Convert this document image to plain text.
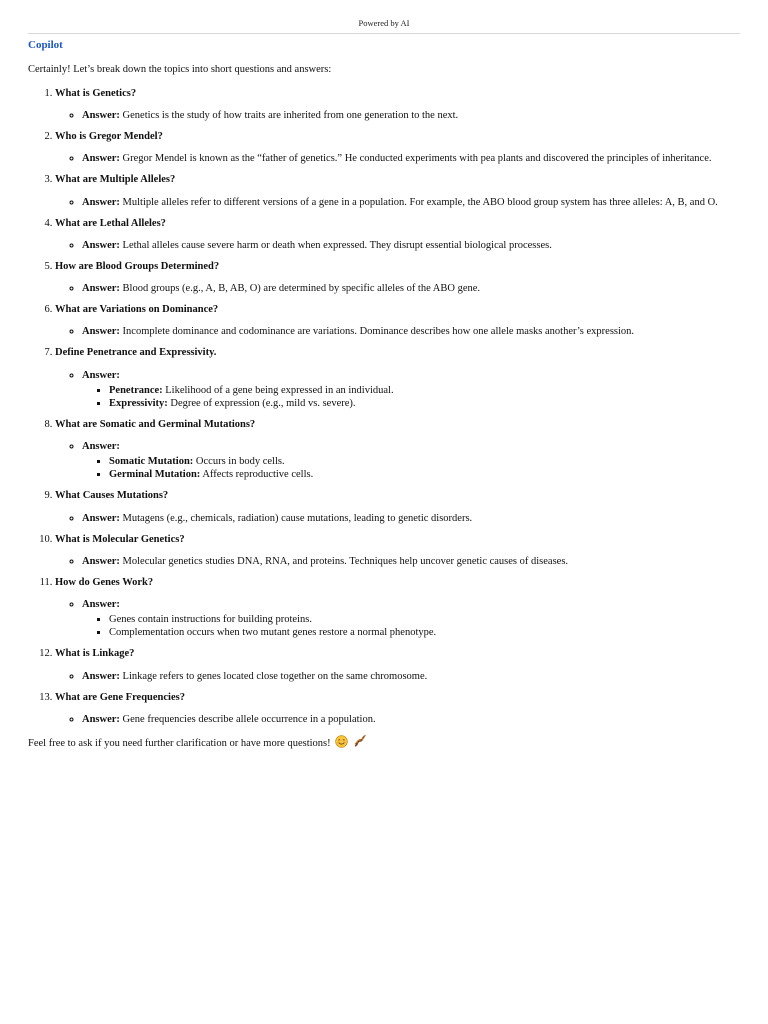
Powered by AI
Copilot

Certainly! Let’s break down the topics into short questions and answers:

1. What is Genetics?
◦ Answer: Genetics is the study of how traits are inherited from one generation to the next.
2. Who is Gregor Mendel?
◦ Answer: Gregor Mendel is known as the “father of genetics.” He conducted experiments with pea plants and discovered the principles of inheritance.
3. What are Multiple Alleles?
◦ Answer: Multiple alleles refer to different versions of a gene in a population. For example, the ABO blood group system has three alleles: A, B, and O.
4. What are Lethal Alleles?
◦ Answer: Lethal alleles cause severe harm or death when expressed. They disrupt essential biological processes.
5. How are Blood Groups Determined?
◦ Answer: Blood groups (e.g., A, B, AB, O) are determined by specific alleles of the ABO gene.
6. What are Variations on Dominance?
◦ Answer: Incomplete dominance and codominance are variations. Dominance describes how one allele masks another’s expression.
7. Define Penetrance and Expressivity.
◦ Answer:
▪ Penetrance: Likelihood of a gene being expressed in an individual.
▪ Expressivity: Degree of expression (e.g., mild vs. severe).
8. What are Somatic and Germinal Mutations?
◦ Answer:
▪ Somatic Mutation: Occurs in body cells.
▪ Germinal Mutation: Affects reproductive cells.
9. What Causes Mutations?
◦ Answer: Mutagens (e.g., chemicals, radiation) cause mutations, leading to genetic disorders.
10. What is Molecular Genetics?
◦ Answer: Molecular genetics studies DNA, RNA, and proteins. Techniques help uncover genetic causes of diseases.
11. How do Genes Work?
◦ Answer:
▪ Genes contain instructions for building proteins.
▪ Complementation occurs when two mutant genes restore a normal phenotype.
12. What is Linkage?
◦ Answer: Linkage refers to genes located close together on the same chromosome.
13. What are Gene Frequencies?
◦ Answer: Gene frequencies describe allele occurrence in a population.

Feel free to ask if you need further clarification or have more questions!
